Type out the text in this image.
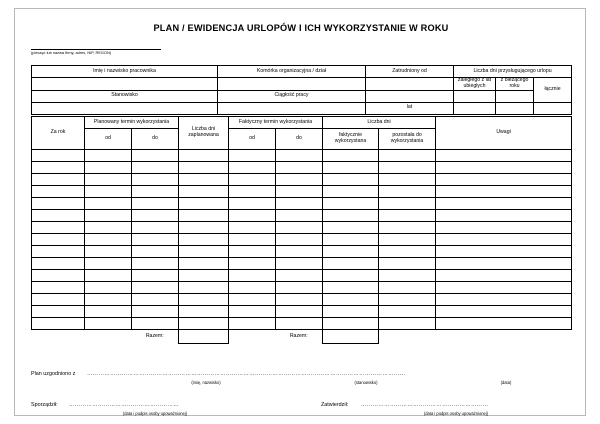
PLAN / EWIDENCJA URLOPÓW I ICH WYKORZYSTANIE W ROKU
(pieczęć lub nazwa firmy, adres, NIP, REGON)
Imię i nazwisko pracownika	Komórka organizacyjna / dział	Zatrudniony od	Liczba dni przysługującego urlopu		
			zaległego z lat ubiegłych	z bieżącego roku	łącznie
Stanowisko	Ciągłość pracy				
		lat			
Za rok	Planowany termin wykorzystania		Liczba dni zaplanowana	Faktyczny termin wykorzystania		Liczba dni		Uwagi
						faktycznie wykorzystana	pozostała do wykorzystania	
	od	do		od	do			

		Razem:			Razem:			
Plan uzgodniono z …………………………………………………………………………………………………………………………………………………
(imię, nazwisko)	(stanowisko)	(data)
Sporządził: …………………………………………………
(data i podpis osoby upoważnionej)
Zatwierdził: …………………………………………………………
(data i podpis osoby upoważnionej)
